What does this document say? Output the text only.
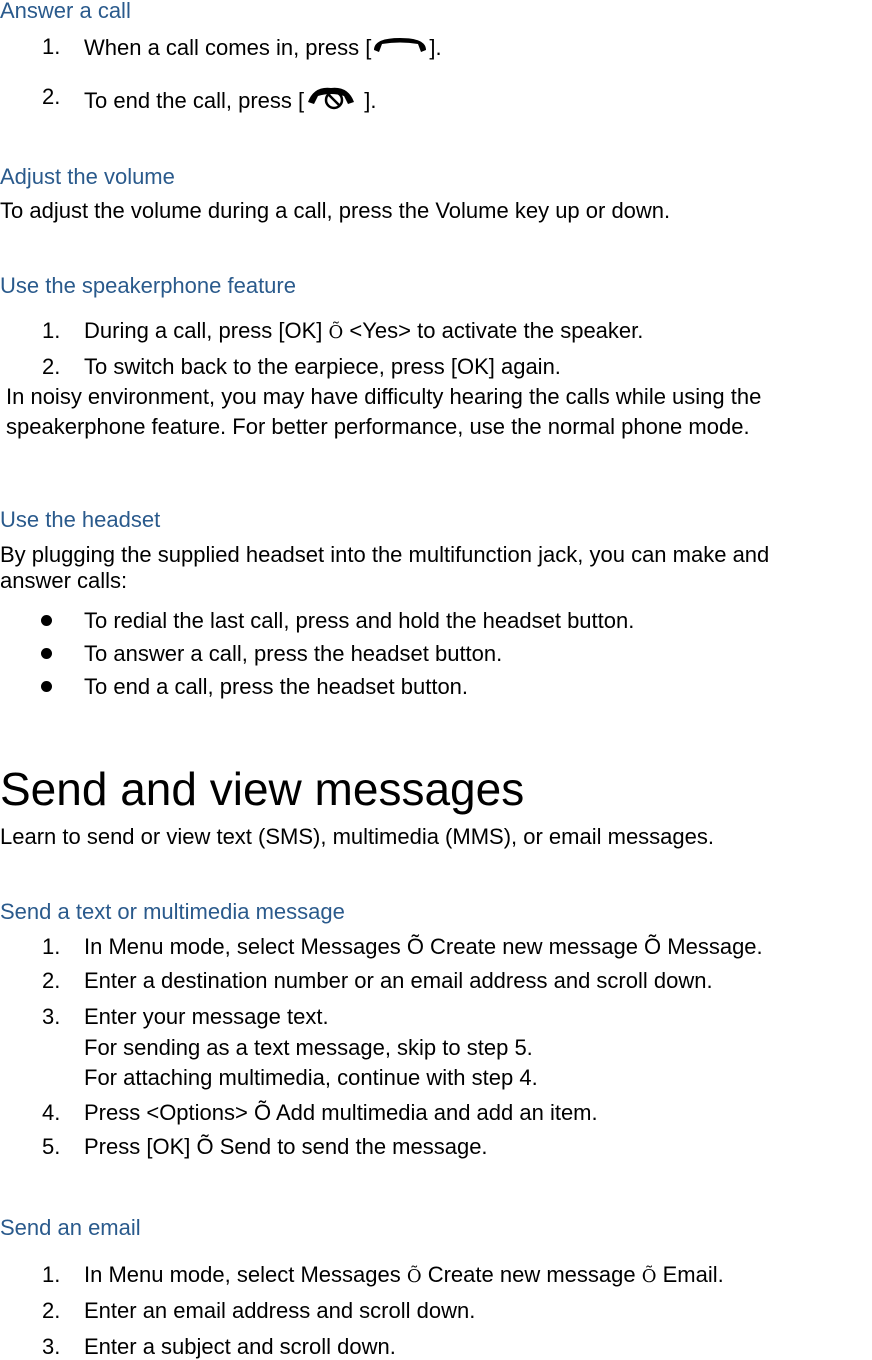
Answer a call
1. When a call comes in, press [	].
2. To end the call, press [ ].
Adjust the volume
To adjust the volume during a call, press the Volume key up or down.
Use the speakerphone feature
1. During a call, press [OK] Õ <Yes> to activate the speaker.
2. To switch back to the earpiece, press [OK] again.
In noisy environment, you may have difficulty hearing the calls while using the
speakerphone feature. For better performance, use the normal phone mode.
Use the headset
By plugging the supplied headset into the multifunction jack, you can make and
answer calls:
To redial the last call, press and hold the headset button.
To answer a call, press the headset button.
To end a call, press the headset button.
Send and view messages
Learn to send or view text (SMS), multimedia (MMS), or email messages.
Send a text or multimedia message
1. In Menu mode, select Messages Õ Create new message Õ Message.
2. Enter a destination number or an email address and scroll down.
3. Enter your message text.
For sending as a text message, skip to step 5.
For attaching multimedia, continue with step 4.
4. Press <Options> Õ Add multimedia and add an item.
5. Press [OK] Õ Send to send the message.
Send an email
1. In Menu mode, select Messages Õ Create new message Õ Email.
2. Enter an email address and scroll down.
3. Enter a subject and scroll down.
